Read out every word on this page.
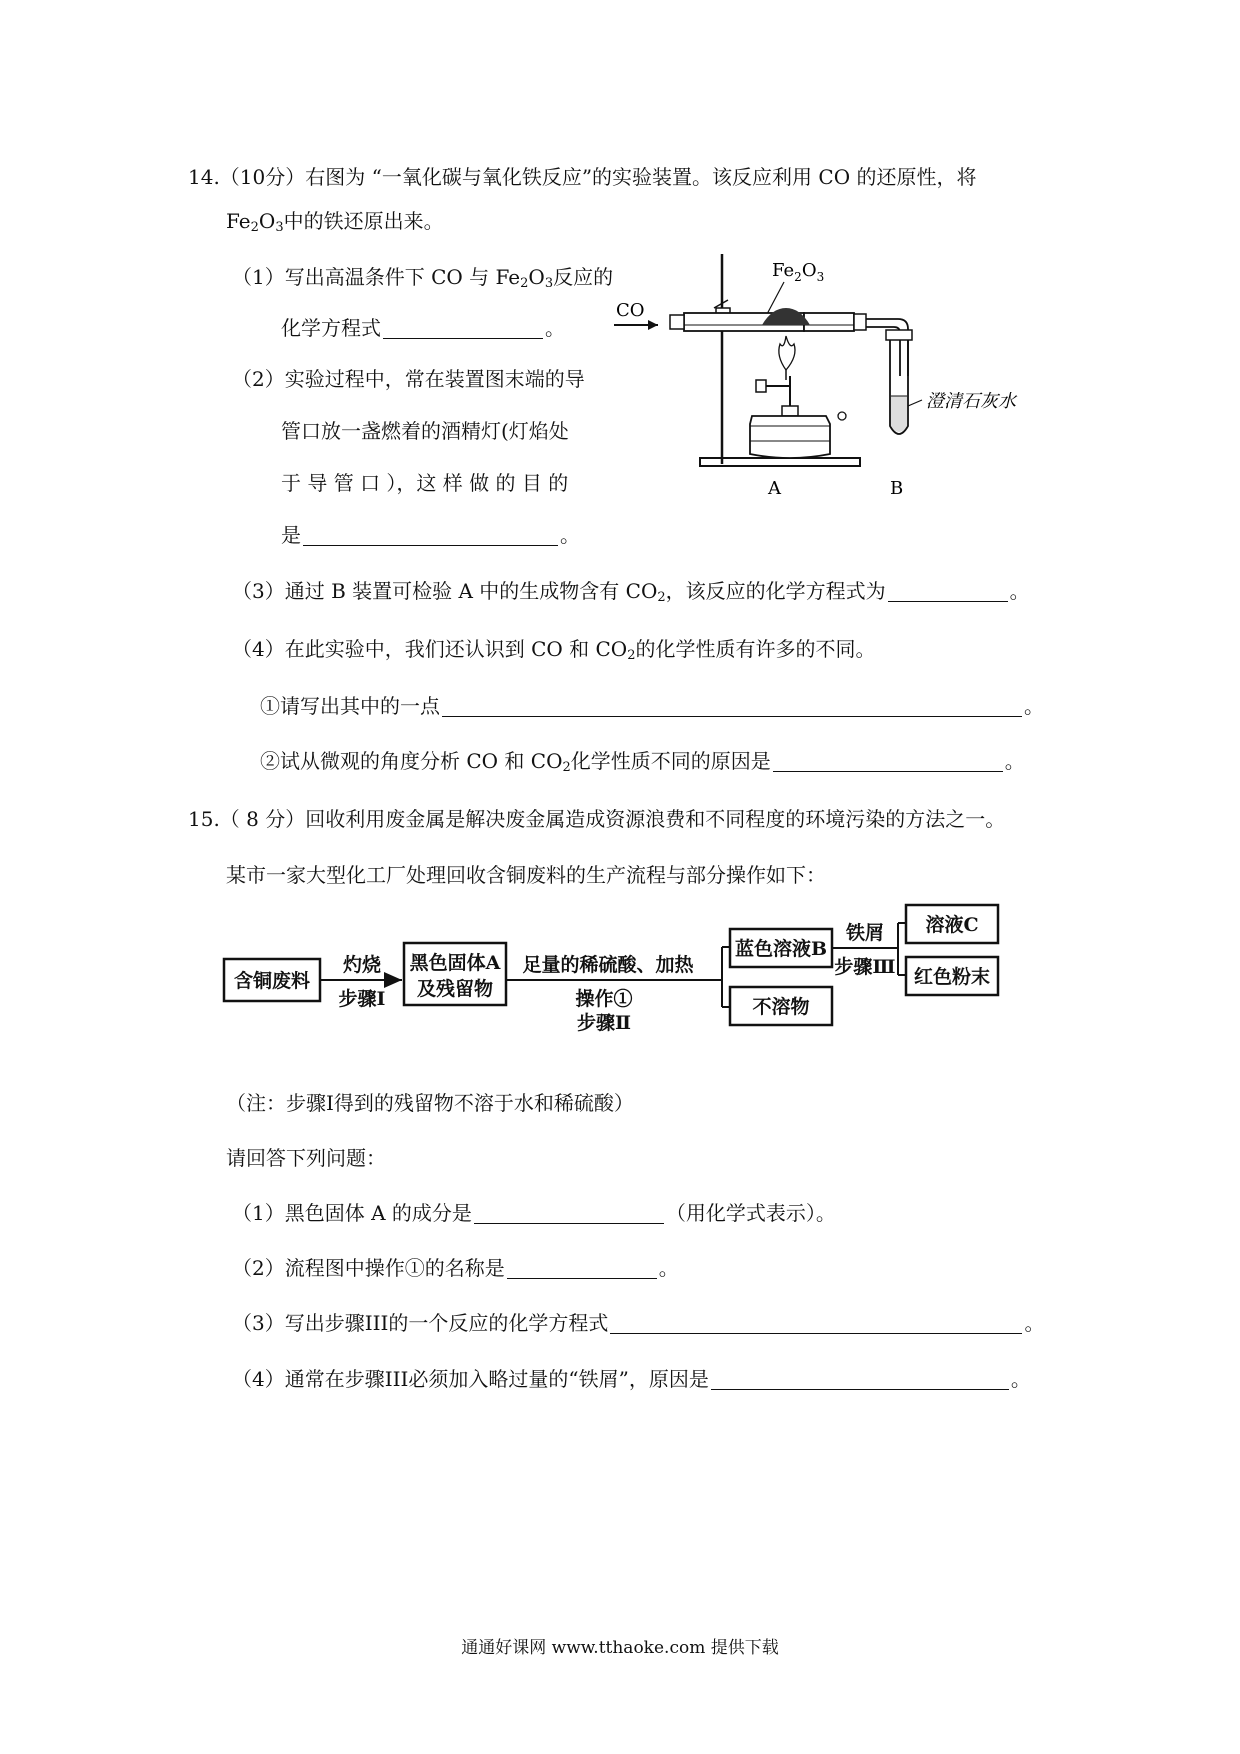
14.（10分）右图为 “一氧化碳与氧化铁反应”的实验装置。该反应利用 CO 的还原性，将
$Fe_2O_3$中的铁还原出来。
（1）写出高温条件下 CO 与 $Fe_2O_3$反应的
化学方程式	。
（2）实验过程中，常在装置图末端的导
管口放一盏燃着的酒精灯(灯焰处
于 导 管 口 ），这 样 做 的 目 的
是	。
CO
$Fe_2O_3$
澄清石灰水
A	B
（3）通过 B 装置可检验 A 中的生成物含有 $CO_2$，该反应的化学方程式为	。
（4）在此实验中，我们还认识到 CO 和 $CO_2$的化学性质有许多的不同。
①请写出其中的一点	。
②试从微观的角度分析 CO 和 $CO_2$化学性质不同的原因是	。
15.（ 8 分）回收利用废金属是解决废金属造成资源浪费和不同程度的环境污染的方法之一。
某市一家大型化工厂处理回收含铜废料的生产流程与部分操作如下：
含铜废料
灼烧
步骤Ⅰ
黑色固体A
及残留物
足量的稀硫酸、加热
操作①
步骤Ⅱ
蓝色溶液B
不溶物
铁屑
步骤Ⅲ
溶液C
红色粉末
（注：步骤Ⅰ得到的残留物不溶于水和稀硫酸）
请回答下列问题：
（1）黑色固体 A 的成分是	（用化学式表示）。
（2）流程图中操作①的名称是	。
（3）写出步骤III的一个反应的化学方程式	。
（4）通常在步骤III必须加入略过量的“铁屑”，原因是	。
通通好课网 www.tthaoke.com 提供下载
